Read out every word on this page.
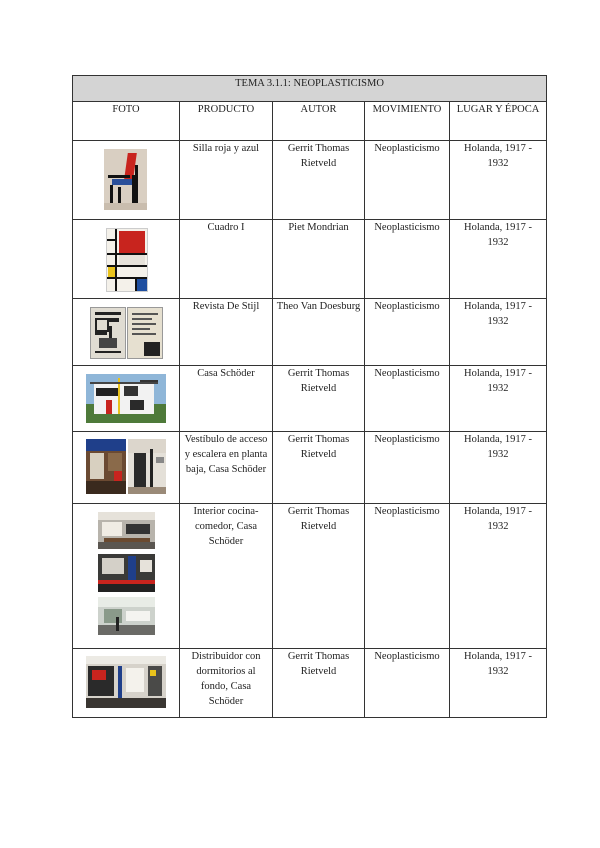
TEMA 3.1.1: NEOPLASTICISMO				
FOTO	PRODUCTO	AUTOR	MOVIMIENTO	LUGAR Y ÉPOCA

	Silla roja y azul	Gerrit Thomas Rietveld	Neoplasticismo	Holanda, 1917 - 1932

	Cuadro I	Piet Mondrian	Neoplasticismo	Holanda, 1917 - 1932

	Revista De Stijl	Theo Van Doesburg	Neoplasticismo	Holanda, 1917 - 1932

	Casa Schöder	Gerrit Thomas Rietveld	Neoplasticismo	Holanda, 1917 - 1932

	Vestíbulo de acceso y escalera en planta baja, Casa Schöder	Gerrit Thomas Rietveld	Neoplasticismo	Holanda, 1917 - 1932

	Interior cocina-comedor, Casa Schöder	Gerrit Thomas Rietveld	Neoplasticismo	Holanda, 1917 - 1932

	Distribuidor con dormitorios al fondo, Casa Schöder	Gerrit Thomas Rietveld	Neoplasticismo	Holanda, 1917 - 1932
